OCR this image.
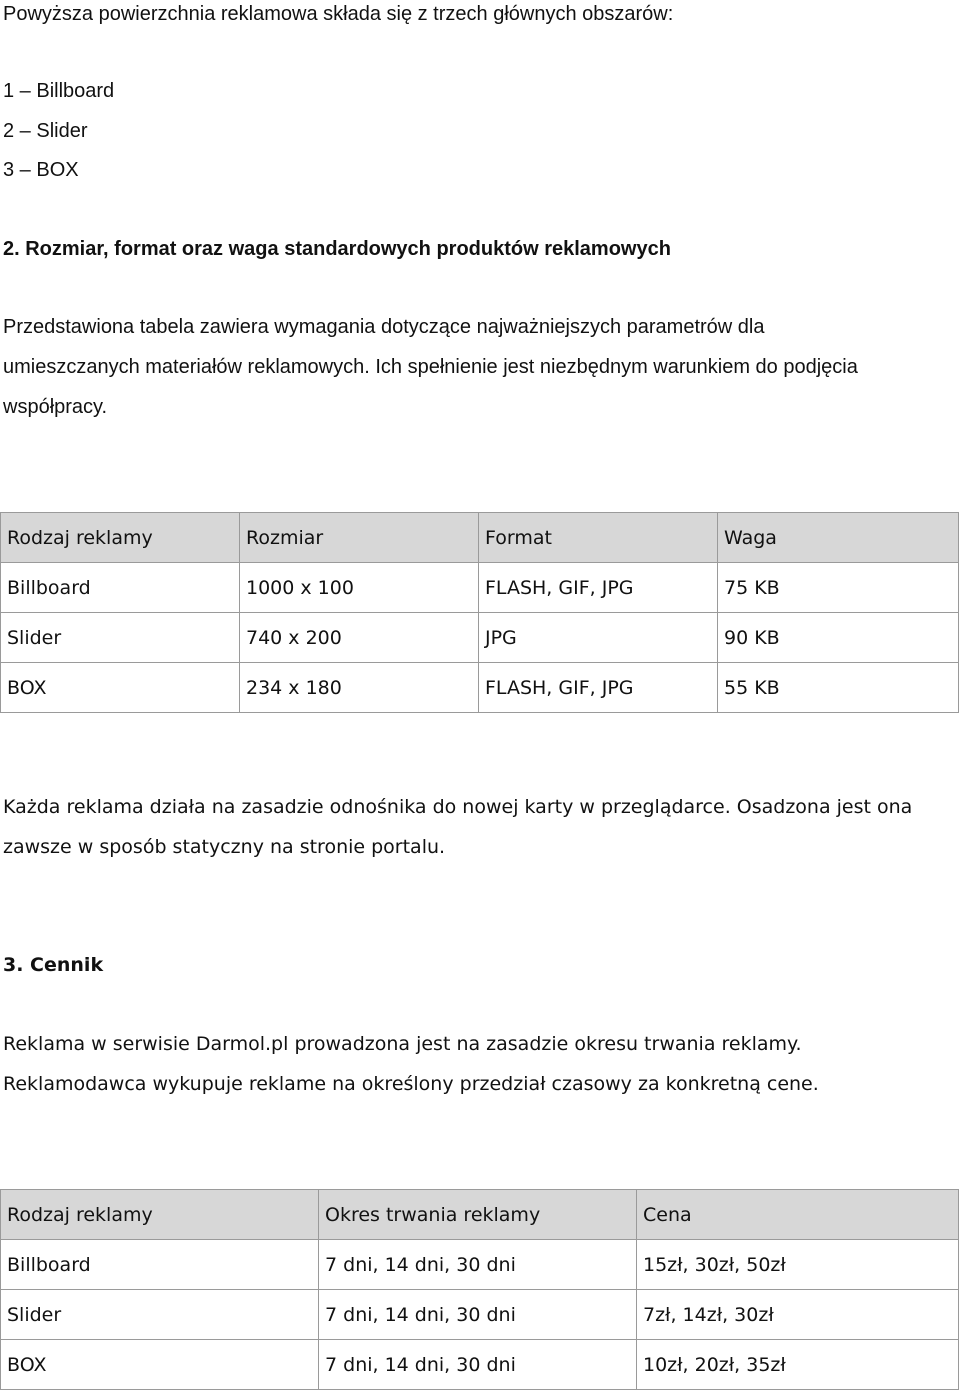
Powyższa powierzchnia reklamowa składa się z trzech głównych obszarów:
1 – Billboard
2 – Slider
3 – BOX
2. Rozmiar, format oraz waga standardowych produktów reklamowych
Przedstawiona tabela zawiera wymagania dotyczące najważniejszych parametrów dla
umieszczanych materiałów reklamowych. Ich spełnienie jest niezbędnym warunkiem do podjęcia
współpracy.
Rodzaj reklamy	Rozmiar	Format	Waga
Billboard	1000 x 100	FLASH, GIF, JPG	75 KB
Slider	740 x 200	JPG	90 KB
BOX	234 x 180	FLASH, GIF, JPG	55 KB
Każda reklama działa na zasadzie odnośnika do nowej karty w przeglądarce. Osadzona jest ona
zawsze w sposób statyczny na stronie portalu.
3. Cennik
Reklama w serwisie Darmol.pl prowadzona jest na zasadzie okresu trwania reklamy.
Reklamodawca wykupuje reklame na określony przedział czasowy za konkretną cene.
Rodzaj reklamy	Okres trwania reklamy	Cena
Billboard	7 dni, 14 dni, 30 dni	15zł, 30zł, 50zł
Slider	7 dni, 14 dni, 30 dni	7zł, 14zł, 30zł
BOX	7 dni, 14 dni, 30 dni	10zł, 20zł, 35zł
